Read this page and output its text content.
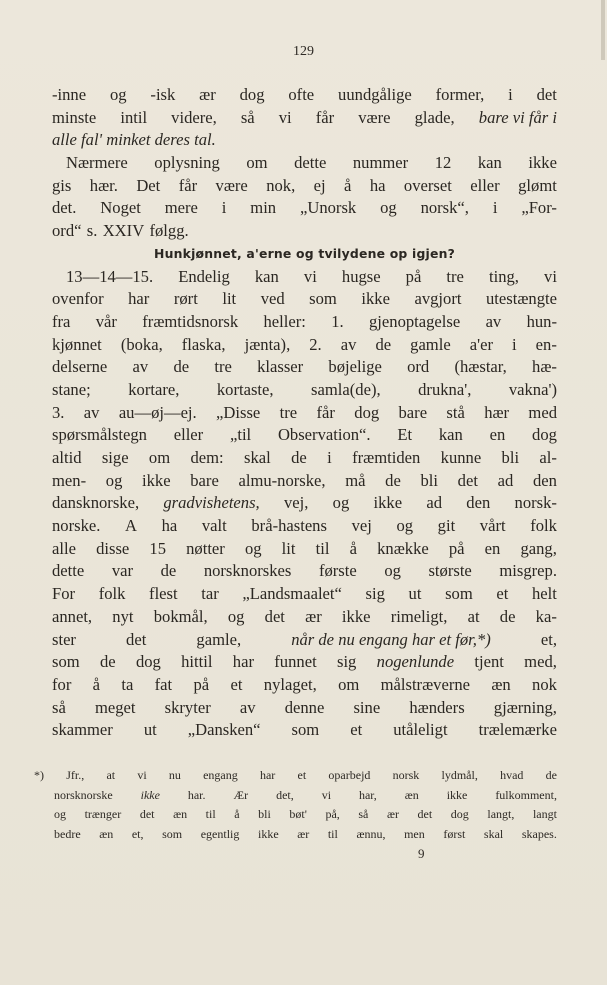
129
-inne og -isk ær dog ofte uundgålige former, i det
minste intil videre, så vi får være glade, bare vi får i
alle fal' minket deres tal.
Nærmere oplysning om dette nummer 12 kan ikke
gis hær. Det får være nok, ej å ha overset eller glømt
det. Noget mere i min „Unorsk og norsk“, i „For-
ord“ s. XXIV følgg.
Hunkjønnet, a'erne og tvilydene op igjen?
13—14—15. Endelig kan vi hugse på tre ting, vi
ovenfor har rørt lit ved som ikke avgjort utestængte
fra vår fræmtidsnorsk heller: 1. gjenoptagelse av hun-
kjønnet (boka, flaska, jænta), 2. av de gamle a'er i en-
delserne av de tre klasser bøjelige ord (hæstar, hæ-
stane; kortare, kortaste, samla(de), drukna', vakna')
3. av au—øj—ej. „Disse tre får dog bare stå hær med
spørsmålstegn eller „til Observation“. Et kan en dog
altid sige om dem: skal de i fræmtiden kunne bli al-
men- og ikke bare almu-norske, må de bli det ad den
dansknorske, gradvishetens, vej, og ikke ad den norsk-
norske. A ha valt brå-hastens vej og git vårt folk
alle disse 15 nøtter og lit til å knække på en gang,
dette var de norsknorskes første og største misgrep.
For folk flest tar „Landsmaalet“ sig ut som et helt
annet, nyt bokmål, og det ær ikke rimeligt, at de ka-
ster	det	gamle,	når de nu engang har et før,*)	et,
som de dog hittil har funnet sig nogenlunde tjent med,
for å ta fat på et nylaget, om målstræverne æn nok
så meget skryter av denne sine hænders gjærning,
skammer ut „Dansken“ som et utåleligt trælemærke
*) Jfr., at vi nu engang har et oparbejd norsk lydmål, hvad de
norsknorske ikke har. Ær det, vi har, æn ikke fulkomment,
og trænger det æn til å bli bøt' på, så ær det dog langt, langt
bedre æn et, som egentlig ikke ær til ænnu, men først skal skapes.
9
